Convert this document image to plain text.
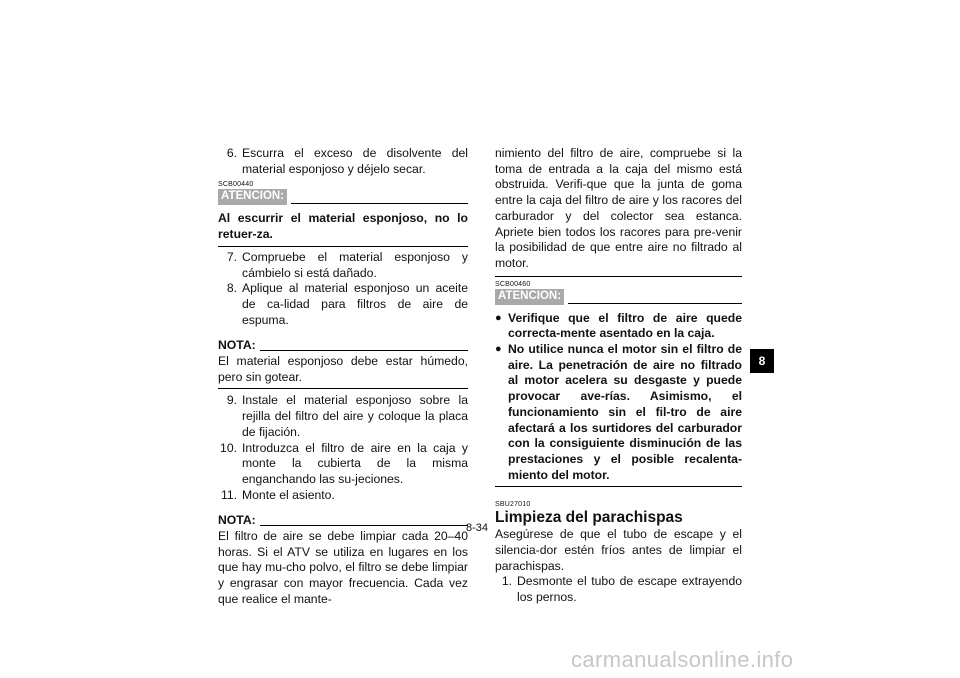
6. Escurra el exceso de disolvente del material esponjoso y déjelo secar.
SCB00440
ATENCION:
Al escurrir el material esponjoso, no lo retuer-za.
7. Compruebe el material esponjoso y cámbielo si está dañado.
8. Aplique al material esponjoso un aceite de ca-lidad para filtros de aire de espuma.
NOTA:
El material esponjoso debe estar húmedo, pero sin gotear.
9. Instale el material esponjoso sobre la rejilla del filtro del aire y coloque la placa de fijación.
10. Introduzca el filtro de aire en la caja y monte la cubierta de la misma enganchando las su-jeciones.
11. Monte el asiento.
NOTA:
El filtro de aire se debe limpiar cada 20–40 horas. Si el ATV se utiliza en lugares en los que hay mu-cho polvo, el filtro se debe limpiar y engrasar con mayor frecuencia. Cada vez que realice el mante-
nimiento del filtro de aire, compruebe si la toma de entrada a la caja del mismo está obstruida. Verifi-que que la junta de goma entre la caja del filtro de aire y los racores del carburador y del colector sea estanca. Apriete bien todos los racores para pre-venir la posibilidad de que entre aire no filtrado al motor.
SCB00460
ATENCION:
● Verifique que el filtro de aire quede correcta-mente asentado en la caja.
● No utilice nunca el motor sin el filtro de aire. La penetración de aire no filtrado al motor acelera su desgaste y puede provocar ave-rías. Asimismo, el funcionamiento sin el fil-tro de aire afectará a los surtidores del carburador con la consiguiente disminución de las prestaciones y el posible recalenta-miento del motor.
SBU27010
Limpieza del parachispas
Asegúrese de que el tubo de escape y el silencia-dor estén fríos antes de limpiar el parachispas.
1. Desmonte el tubo de escape extrayendo los pernos.
8-34
8
carmanualsonline.info
